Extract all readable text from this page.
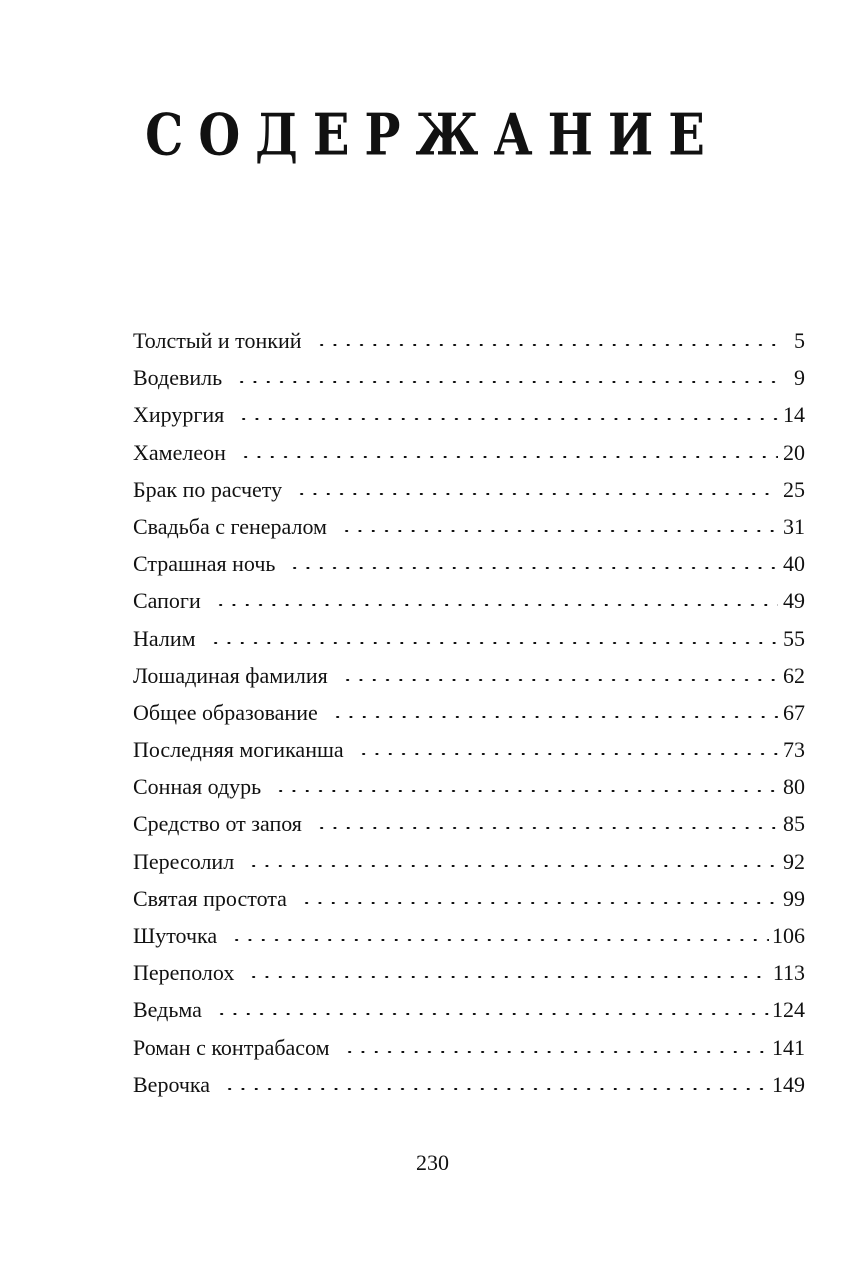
СОДЕРЖАНИЕ
Толстый и тонкий	5
Водевиль	9
Хирургия	14
Хамелеон	20
Брак по расчету	25
Свадьба с генералом	31
Страшная ночь	40
Сапоги	49
Налим	55
Лошадиная фамилия	62
Общее образование	67
Последняя могиканша	73
Сонная одурь	80
Средство от запоя	85
Пересолил	92
Святая простота	99
Шуточка	106
Переполох	113
Ведьма	124
Роман с контрабасом	141
Верочка	149
230
